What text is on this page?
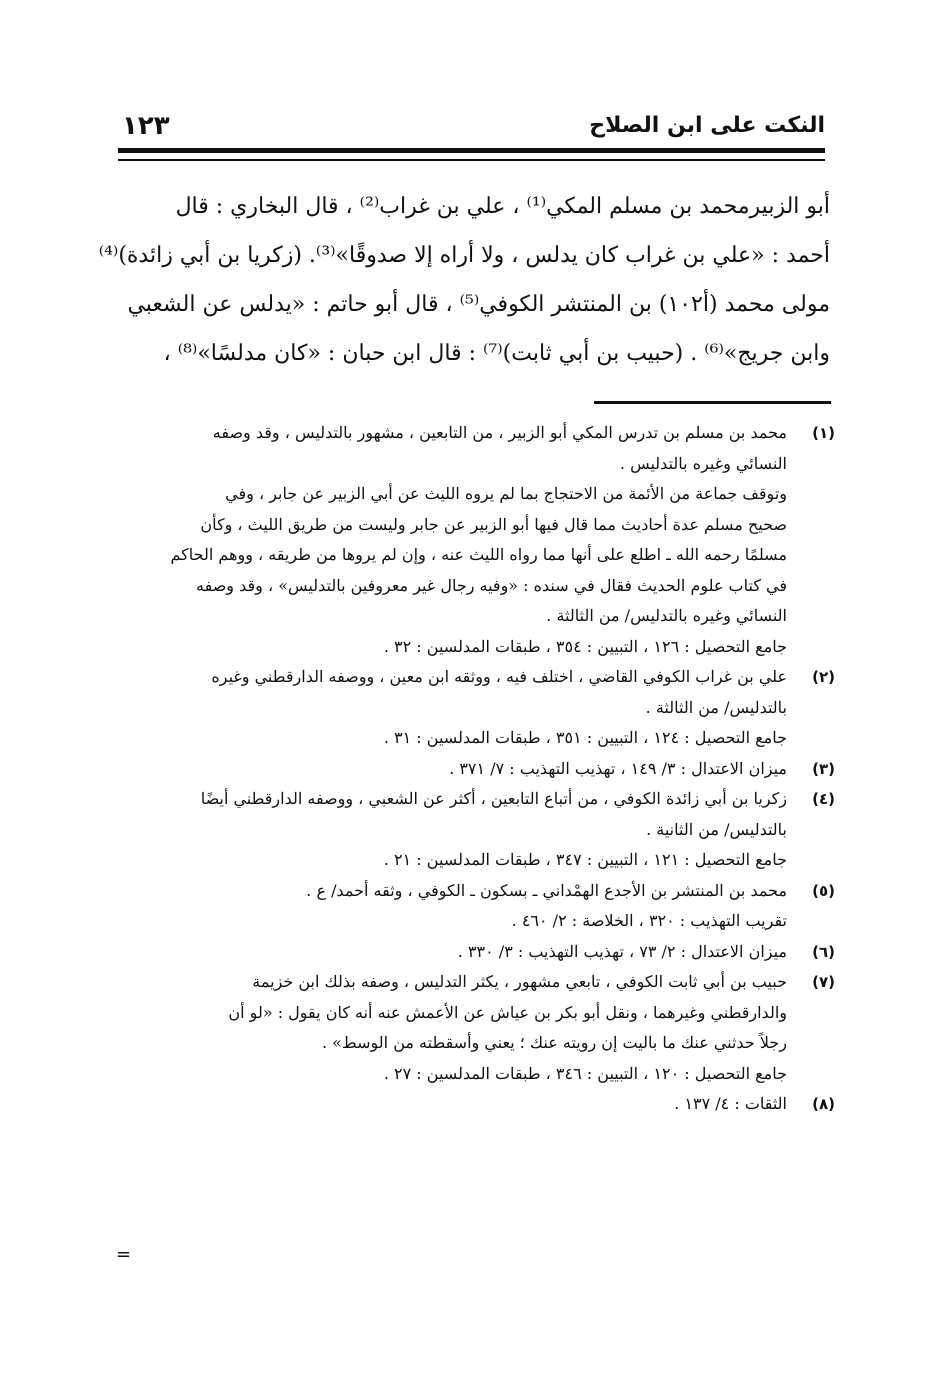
النكت على ابن الصلاح
١٢٣
أبو الزبيرمحمد بن مسلم المكي⁽¹⁾ ، علي بن غراب⁽²⁾ ، قال البخاري : قال
أحمد : «علي بن غراب كان يدلس ، ولا أراه إلا صدوقًا»⁽³⁾. (زكريا بن أبي زائدة)⁽⁴⁾
مولى محمد (أ١٠٢) بن المنتشر الكوفي⁽⁵⁾ ، قال أبو حاتم : «يدلس عن الشعبي
وابن جريج»⁽⁶⁾ . (حبيب بن أبي ثابت)⁽⁷⁾ : قال ابن حبان : «كان مدلسًا»⁽⁸⁾ ،
(١)
محمد بن مسلم بن تدرس المكي أبو الزبير ، من التابعين ، مشهور بالتدليس ، وقد وصفه
النسائي وغيره بالتدليس .
وتوقف جماعة من الأئمة من الاحتجاج بما لم يروه الليث عن أبي الزبير عن جابر ، وفي
صحيح مسلم عدة أحاديث مما قال فيها أبو الزبير عن جابر وليست من طريق الليث ، وكأن
مسلمًا رحمه الله ـ اطلع على أنها مما رواه الليث عنه ، وإن لم يروها من طريقه ، ووهم الحاكم
في كتاب علوم الحديث فقال في سنده : «وفيه رجال غير معروفين بالتدليس» ، وقد وصفه
النسائي وغيره بالتدليس/ من الثالثة .
جامع التحصيل : ١٢٦ ، التبيين : ٣٥٤ ، طبقات المدلسين : ٣٢ .
(٢)
علي بن غراب الكوفي القاضي ، اختلف فيه ، ووثقه ابن معين ، ووصفه الدارقطني وغيره
بالتدليس/ من الثالثة .
جامع التحصيل : ١٢٤ ، التبيين : ٣٥١ ، طبقات المدلسين : ٣١ .
(٣)
ميزان الاعتدال : ٣/ ١٤٩ ، تهذيب التهذيب : ٧/ ٣٧١ .
(٤)
زكريا بن أبي زائدة الكوفي ، من أتباع التابعين ، أكثر عن الشعبي ، ووصفه الدارقطني أيضًا
بالتدليس/ من الثانية .
جامع التحصيل : ١٢١ ، التبيين : ٣٤٧ ، طبقات المدلسين : ٢١ .
(٥)
محمد بن المنتشر بن الأجدع الهمْداني ـ بسكون ـ الكوفي ، وثقه أحمد/ ع .
تقريب التهذيب : ٣٢٠ ، الخلاصة : ٢/ ٤٦٠ .
(٦)
ميزان الاعتدال : ٢/ ٧٣ ، تهذيب التهذيب : ٣/ ٣٣٠ .
(٧)
حبيب بن أبي ثابت الكوفي ، تابعي مشهور ، يكثر التدليس ، وصفه بذلك ابن خزيمة
والدارقطني وغيرهما ، ونقل أبو بكر بن عياش عن الأعمش عنه أنه كان يقول : «لو أن
رجلاً حدثني عنك ما باليت إن رويته عنك ؛ يعني وأسقطته من الوسط» .
جامع التحصيل : ١٢٠ ، التبيين : ٣٤٦ ، طبقات المدلسين : ٢٧ .
(٨)
الثقات : ٤/ ١٣٧ .
=
